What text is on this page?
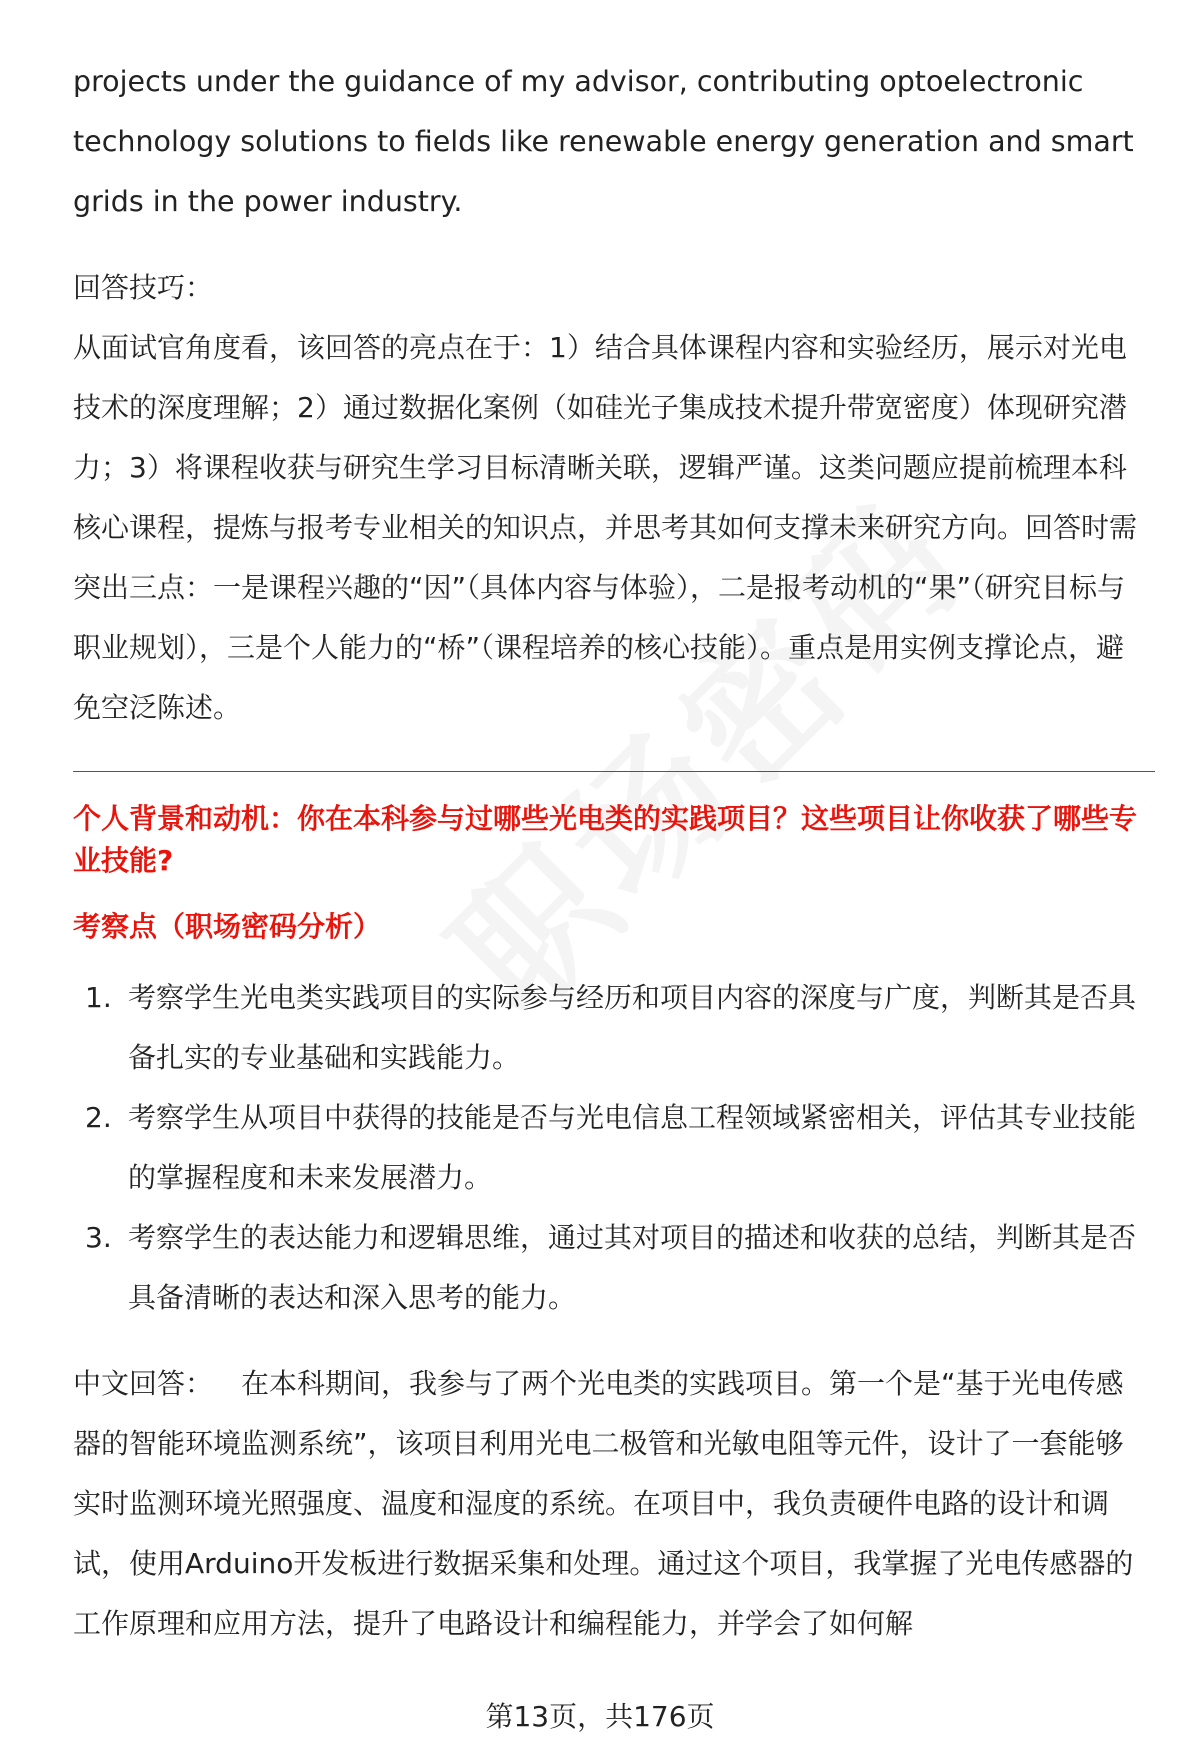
projects under the guidance of my advisor, contributing optoelectronic technology solutions to fields like renewable energy generation and smart grids in the power industry.

回答技巧：

从面试官角度看，该回答的亮点在于：1）结合具体课程内容和实验经历，展示对光电技术的深度理解；2）通过数据化案例（如硅光子集成技术提升带宽密度）体现研究潜力；3）将课程收获与研究生学习目标清晰关联，逻辑严谨。这类问题应提前梳理本科核心课程，提炼与报考专业相关的知识点，并思考其如何支撑未来研究方向。回答时需突出三点：一是课程兴趣的“因”（具体内容与体验），二是报考动机的“果”（研究目标与职业规划），三是个人能力的“桥”（课程培养的核心技能）。重点是用实例支撑论点，避免空泛陈述。

个人背景和动机：你在本科参与过哪些光电类的实践项目？这些项目让你收获了哪些专业技能?
考察点（职场密码分析）
1. 考察学生光电类实践项目的实际参与经历和项目内容的深度与广度，判断其是否具备扎实的专业基础和实践能力。
2. 考察学生从项目中获得的技能是否与光电信息工程领域紧密相关，评估其专业技能的掌握程度和未来发展潜力。
3. 考察学生的表达能力和逻辑思维，通过其对项目的描述和收获的总结，判断其是否具备清晰的表达和深入思考的能力。

中文回答： 在本科期间，我参与了两个光电类的实践项目。第一个是“基于光电传感器的智能环境监测系统”，该项目利用光电二极管和光敏电阻等元件，设计了一套能够实时监测环境光照强度、温度和湿度的系统。在项目中，我负责硬件电路的设计和调试，使用Arduino开发板进行数据采集和处理。通过这个项目，我掌握了光电传感器的工作原理和应用方法，提升了电路设计和编程能力，并学会了如何解

第13页，共176页
